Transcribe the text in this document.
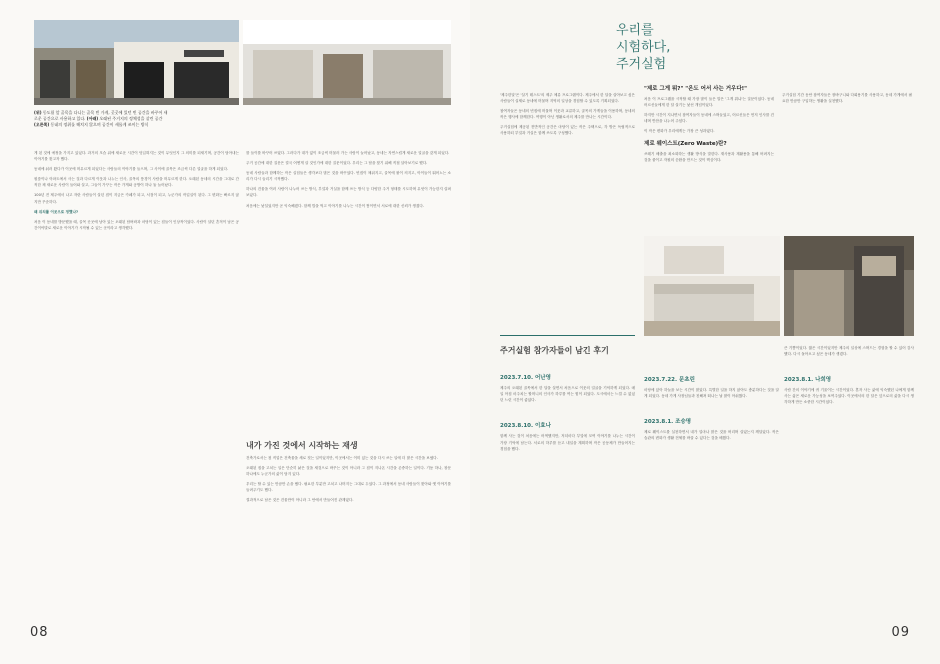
(위) 동도릴 앞 골목을 다니는 골목 빈 가게, 곳곳에 있던 빈 공간을 바꾸어 새로운 공간으로 사용하고 있다. (아래) 오래된 주거지의 정체성을 살린 공간 (오른쪽) 동네의 정취를 해치지 않으며 공간이 새롭게 쓰이는 방식

게 된 것에 애정을 가지고 있었다. 과거의 모습 위에 새로운 시간이 덧입혀지는 것이 무엇인지 그 의미를 되새기며, 공간이 담아내는 이야기를 찾고자 했다.

동네에 쉬러 왔다가 이곳에 머무르게 되었다는 사람들의 이야기를 들으며, 그 사이에 골목은 조금씩 다른 얼굴을 하게 되었다.

원룸이나 아파트에서 사는 것과 다르게 이웃과 나누는 인사, 골목의 풍경이 사람을 머무르게 한다. 오래된 동네의 시간을 그대로 간직한 채 새로운 사람이 들어와 살고, 그들이 가꾸는 작은 가게와 공방이 하나 둘 늘어났다.

100년 전 제주에서 나고 자란 사람들이 살던 집이 지금은 카페가 되고, 서점이 되고, 누군가의 작업실이 된다. 그 변화는 빠르지 않지만 꾸준하다.

왜 위치를 이곳으로 정했나?

처음 이 동네를 방문했을 때, 골목 곳곳에 남아 있는 오래된 담벼락과 마당이 있는 집들이 인상적이었다. 사람이 살던 흔적이 남은 공간이야말로 새로운 이야기가 시작될 수 있는 곳이라고 생각했다.

를 들이를 바꾸어 쓰였다. 그러다가 대가 없이 조금씩 머물러 가는 사람이 늘어났고, 동네는 자연스럽게 새로운 얼굴을 갖게 되었다.

주거 공간에 대한 질문은 결국 어떻게 살 것인가에 대한 질문이었다. 우리는 그 답을 찾기 위해 직접 살아보기로 했다.

동네 사람들과 함께하는 작은 실험들은 생각보다 많은 것을 바꾸었다. 빈집이 채워지고, 골목에 불이 켜지고, 아이들이 뛰어노는 소리가 다시 들리기 시작했다.

하나의 건물을 여러 사람이 나누어 쓰는 방식, 부엌과 거실을 함께 쓰는 방식 등 다양한 주거 형태를 시도하며 무엇이 가능한지 살펴보았다.

처음에는 낯설었지만 곧 익숙해졌다. 함께 밥을 먹고 이야기를 나누는 시간이 쌓이면서 서로에 대한 신뢰가 생겼다.

내가 가진 것에서 시작하는 재생

건축가로서는 첫 직업은 건축물을 새로 짓는 일이었지만, 이곳에서는 이미 있는 것을 다시 쓰는 일에 더 많은 시간을 보냈다.

오래된 집을 고치는 일은 단순히 낡은 것을 새것으로 바꾸는 것이 아니라 그 집이 지나온 시간을 존중하는 일이다. 기둥 하나, 창문 하나에도 누군가의 삶이 담겨 있다.

우리는 할 수 있는 만큼만 손을 댔다. 필요한 부분만 고치고 나머지는 그대로 두었다. 그 과정에서 동네 사람들이 찾아와 옛 이야기를 들려주기도 했다.

결과적으로 남은 것은 건물만이 아니라 그 안에서 만들어진 관계였다.

08
우리를
시험하다,
주거실험

'제주한달'은 '살기 테스트'의 제주 체류 프로그램이다. 제주에서 한 달을 살아보고 싶은 사람들이 실제로 동네에 머물며 지역의 일상을 경험할 수 있도록 기획되었다.

참여자들은 동네의 빈집에 머물며 이웃과 교류하고, 골목의 가게들을 이용하며, 동네의 작은 행사에 함께한다. 여행이 아닌 생활로서의 제주를 만나는 시간이다.

주거실험에 제공된 전반적인 공간은 마당이 있는 작은 주택으로, 각 방은 독립적으로 사용하되 부엌과 거실은 함께 쓰도록 구성했다.

"제로 그게 뭐?" "온도 어서 사는 거우다!"

처음 이 프로그램을 시작할 때 가장 많이 들은 말은 '그게 뭐냐'는 질문이었다. 동네 어르신들에게 한 달 살기는 낯선 개념이었다.

하지만 시간이 지나면서 참여자들이 동네에 스며들었고, 어르신들은 먼저 인사를 건네며 반찬을 나누어 주셨다.

이 작은 변화가 우리에게는 가장 큰 성과였다.

제로 웨이스트(Zero Waste)란?

쓰레기 배출을 최소화하는 생활 방식을 말한다. 재사용과 재활용을 통해 버려지는 것을 줄이고 자원의 순환을 만드는 것이 핵심이다.

주거실험 기간 동안 참여자들은 장바구니와 다회용기를 사용하고, 동네 가게에서 필요한 만큼만 구입하는 생활을 실천했다.

주거실험 참가자들이 남긴 후기

2023.7.10. 어난영

제주의 오래된 골목에서 한 달을 살면서 처음으로 이웃의 얼굴을 기억하게 되었다. 매일 아침 마주치는 할머니의 인사가 하루를 여는 힘이 되었다. 도시에서는 느낄 수 없었던 느린 시간이 좋았다.

2023.8.10. 이효나

함께 사는 것이 처음에는 어색했지만, 저녁마다 부엌에 모여 이야기를 나누는 시간이 가장 기억에 남는다. 서로의 하루를 듣고 내일을 계획하며 작은 공동체가 만들어지는 경험을 했다.

2023.7.22. 문초린

마당에 앉아 하늘을 보는 시간이 많았다. 특별한 일을 하지 않아도 충분하다는 것을 알게 되었다. 동네 가게 사장님들과 친해져 떠나는 날 많이 아쉬웠다.

2023.8.1. 조승명

제로 웨이스트를 실천하면서 내가 얼마나 많은 것을 버리며 살았는지 깨달았다. 작은 습관의 변화가 생활 전체를 바꿀 수 있다는 것을 배웠다.

큰 기쁨이었다. 짧은 시간이었지만 제주의 일상에 스며드는 경험을 할 수 있어 감사했다. 다시 돌아오고 싶은 동네가 생겼다.

2023.8.1. 나희영

사람 간의 이야기에 귀 기울이는 시간이었다. 혼자 사는 삶에 익숙했던 나에게 함께 사는 삶은 새로운 가능성을 보여주었다. 이곳에서의 한 달은 앞으로의 삶을 다시 생각하게 만든 소중한 시간이었다.

09
